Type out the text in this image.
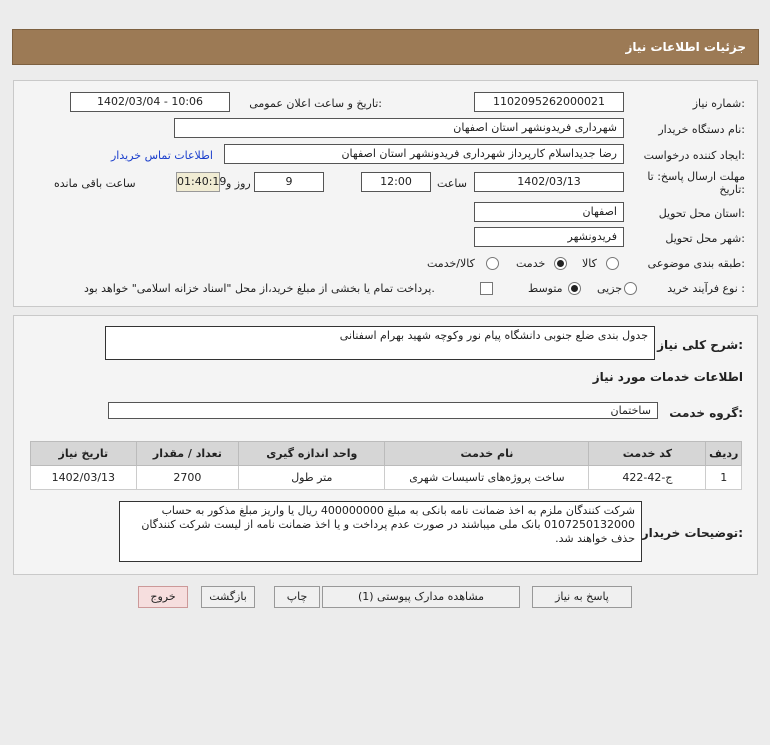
جزئیات اطلاعات نیاز
شماره نیاز:
1102095262000021
تاریخ و ساعت اعلان عمومی:
1402/03/04 - 10:06
نام دستگاه خریدار:
شهرداری فریدونشهر استان اصفهان
ایجاد کننده درخواست:
رضا جدیداسلام کارپرداز شهرداری فریدونشهر استان اصفهان
اطلاعات تماس خریدار
مهلت ارسال پاسخ: تا
تاریخ:
1402/03/13
ساعت
12:00
9
روز و
01:40:19
ساعت باقی مانده
استان محل تحویل:
اصفهان
شهر محل تحویل:
فریدونشهر
طبقه بندی موضوعی:
کالا
خدمت
کالا/خدمت
نوع فرآیند خرید :
جزیی
متوسط
پرداخت تمام یا بخشی از مبلغ خرید،از محل "اسناد خزانه اسلامی" خواهد بود.
شرح کلی نیاز:
جدول بندی ضلع جنوبی دانشگاه پیام نور وکوچه شهید بهرام اسفنانی
اطلاعات خدمات مورد نیاز
گروه خدمت:
ساختمان
ردیف	کد خدمت	نام خدمت	واحد اندازه گیری	تعداد / مقدار	تاریخ نیاز
1	ج-42-422	ساخت پروژه‌های تاسیسات شهری	متر طول	2700	1402/03/13
توضیحات خریدار:
شرکت کنندگان ملزم به اخذ ضمانت نامه بانکی به مبلغ 400000000 ریال یا واریز مبلغ مذکور به حساب 0107250132000 بانک ملی میباشند در صورت عدم پرداخت و یا اخذ ضمانت نامه از لیست شرکت کنندگان حذف خواهند شد.
پاسخ به نیاز
مشاهده مدارک پیوستی (1)
چاپ
بازگشت
خروج
